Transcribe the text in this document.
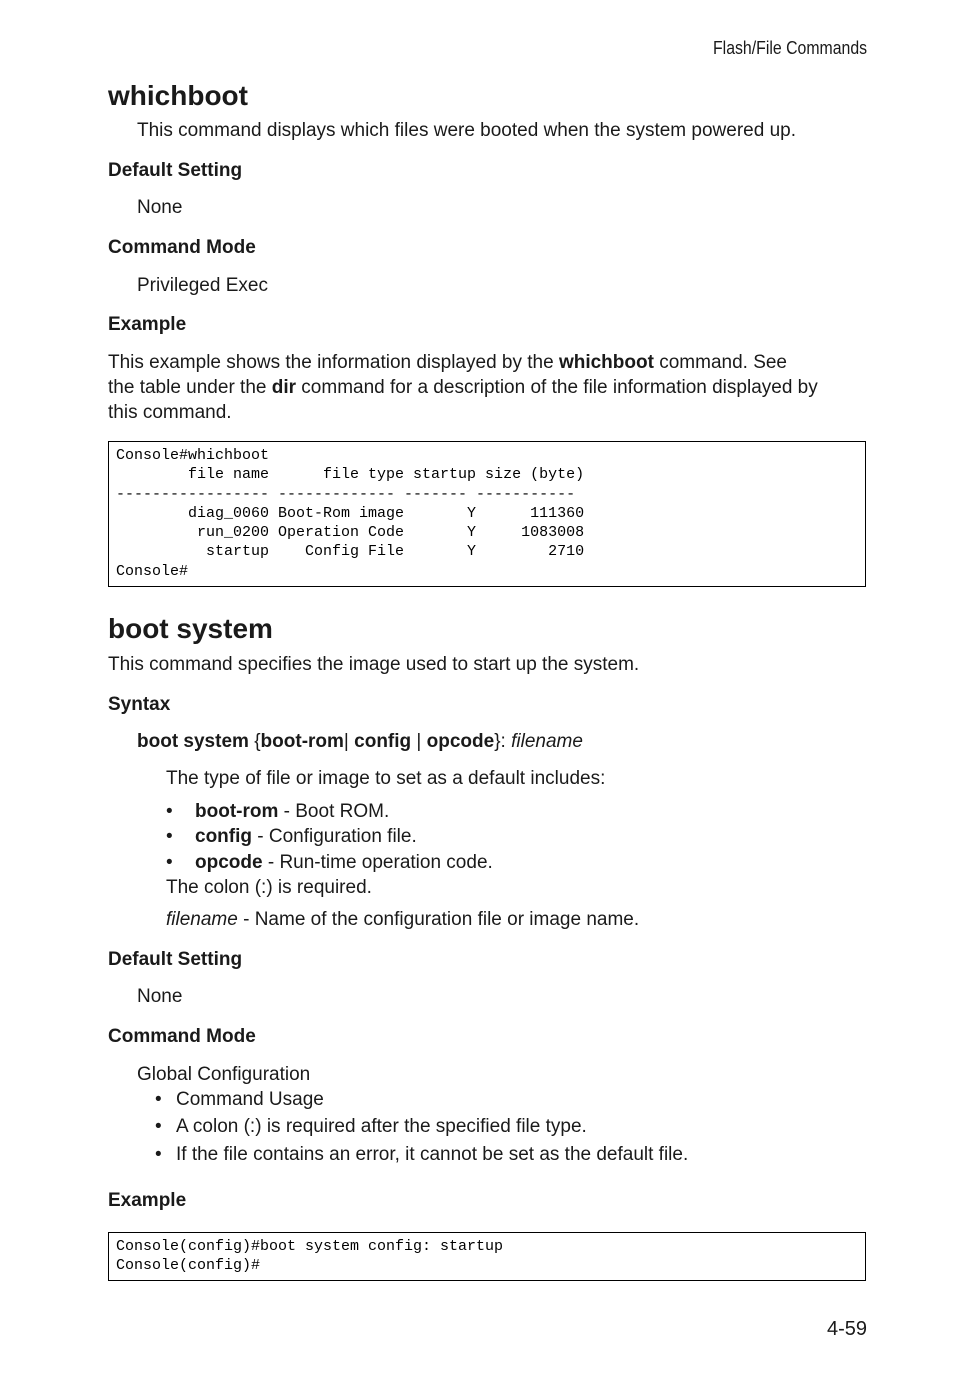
Flash/File Commands
whichboot
This command displays which files were booted when the system powered up.
Default Setting
None
Command Mode
Privileged Exec
Example
This example shows the information displayed by the whichboot command. See
the table under the dir command for a description of the file information displayed by
this command.
Console#whichboot
file name      file type startup size (byte)
----------------- ------------- ------- -----------
diag_0060 Boot-Rom image       Y      111360
run_0200 Operation Code       Y     1083008
startup    Config File       Y        2710
Console#
boot system
This command specifies the image used to start up the system.
Syntax
boot system {boot-rom| config | opcode}: filename
The type of file or image to set as a default includes:
• boot-rom - Boot ROM.
• config - Configuration file.
• opcode - Run-time operation code.
The colon (:) is required.
filename - Name of the configuration file or image name.
Default Setting
None
Command Mode
Global Configuration
• Command Usage
• A colon (:) is required after the specified file type.
• If the file contains an error, it cannot be set as the default file.
Example
Console(config)#boot system config: startup
Console(config)#
4-59
